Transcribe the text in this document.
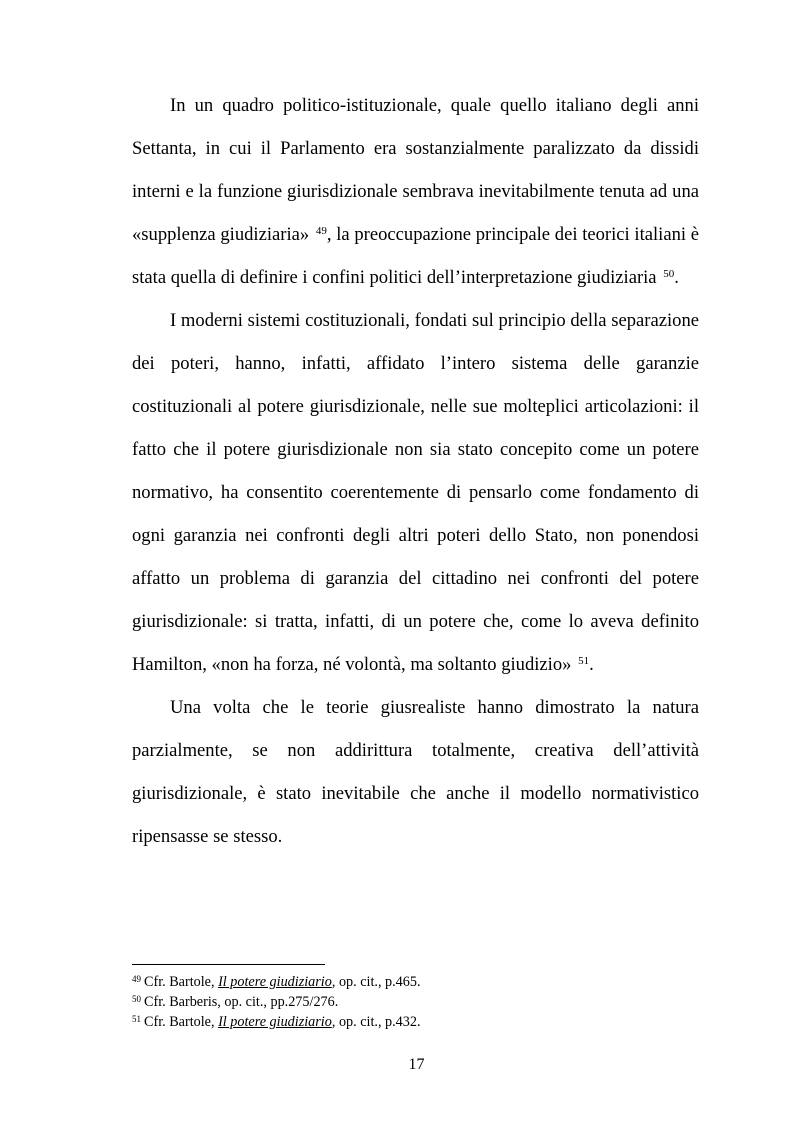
In un quadro politico-istituzionale, quale quello italiano degli anni Settanta, in cui il Parlamento era sostanzialmente paralizzato da dissidi interni e la funzione giurisdizionale sembrava inevitabilmente tenuta ad una «supplenza giudiziaria» $^{49}$, la preoccupazione principale dei teorici italiani è stata quella di definire i confini politici dell’interpretazione giudiziaria $^{50}$.

I moderni sistemi costituzionali, fondati sul principio della separazione dei poteri, hanno, infatti, affidato l’intero sistema delle garanzie costituzionali al potere giurisdizionale, nelle sue molteplici articolazioni: il fatto che il potere giurisdizionale non sia stato concepito come un potere normativo, ha consentito coerentemente di pensarlo come fondamento di ogni garanzia nei confronti degli altri poteri dello Stato, non ponendosi affatto un problema di garanzia del cittadino nei confronti del potere giurisdizionale: si tratta, infatti, di un potere che, come lo aveva definito Hamilton, «non ha forza, né volontà, ma soltanto giudizio» $^{51}$.

Una volta che le teorie giusrealiste hanno dimostrato la natura parzialmente, se non addirittura totalmente, creativa dell’attività giurisdizionale, è stato inevitabile che anche il modello normativistico ripensasse se stesso.

$^{49}$ Cfr. Bartole, Il potere giudiziario, op. cit., p.465.
$^{50}$ Cfr. Barberis, op. cit., pp.275/276.
$^{51}$ Cfr. Bartole, Il potere giudiziario, op. cit., p.432.
17
